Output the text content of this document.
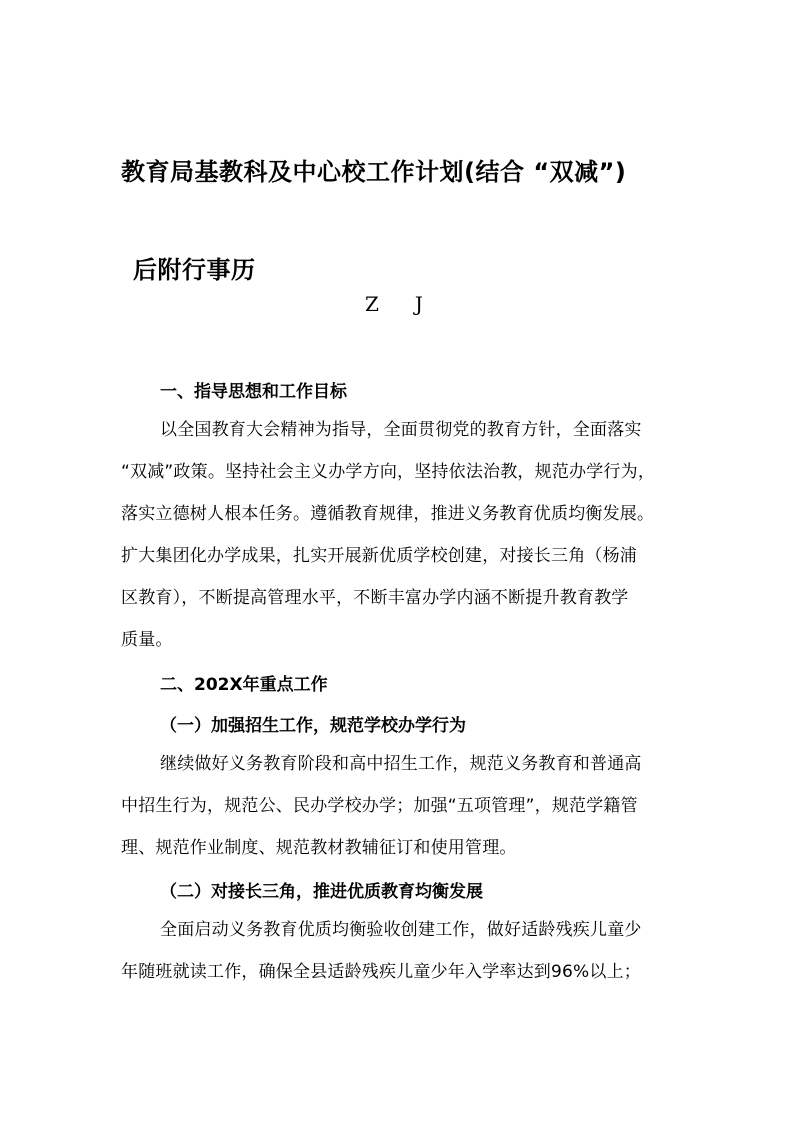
教育局基教科及中心校工作计划(结合 “双减”)
后附行事历
Z J
一、指导思想和工作目标
以全国教育大会精神为指导，全面贯彻党的教育方针，全面落实
“双减”政策。坚持社会主义办学方向，坚持依法治教，规范办学行为，
落实立德树人根本任务。遵循教育规律，推进义务教育优质均衡发展。
扩大集团化办学成果，扎实开展新优质学校创建，对接长三角（杨浦
区教育），不断提高管理水平，不断丰富办学内涵不断提升教育教学
质量。
二、202X年重点工作
（一）加强招生工作，规范学校办学行为
继续做好义务教育阶段和高中招生工作，规范义务教育和普通高
中招生行为，规范公、民办学校办学；加强“五项管理”，规范学籍管
理、规范作业制度、规范教材教辅征订和使用管理。
（二）对接长三角，推进优质教育均衡发展
全面启动义务教育优质均衡验收创建工作，做好适龄残疾儿童少
年随班就读工作，确保全县适龄残疾儿童少年入学率达到96%以上；
